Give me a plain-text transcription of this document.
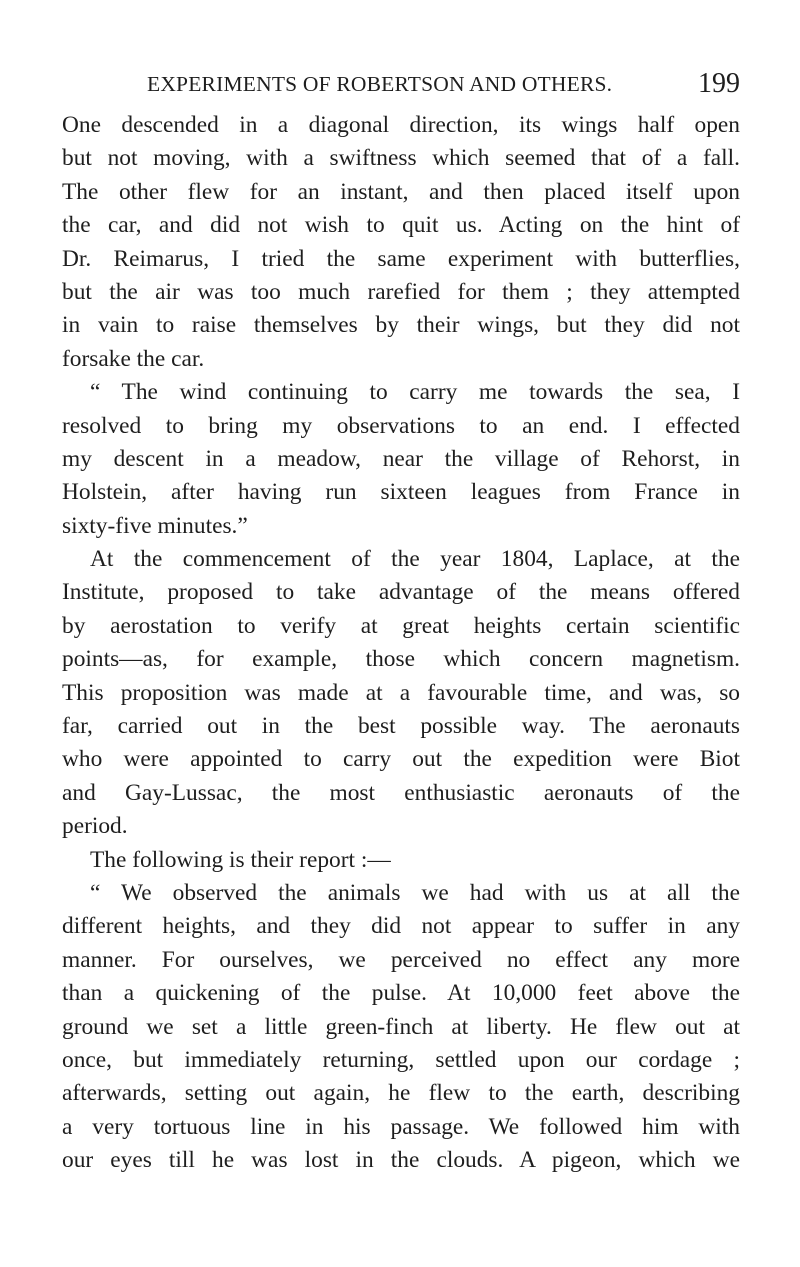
EXPERIMENTS OF ROBERTSON AND OTHERS.	199
One descended in a diagonal direction, its wings half open
but not moving, with a swiftness which seemed that of a fall.
The other flew for an instant, and then placed itself upon
the car, and did not wish to quit us. Acting on the hint of
Dr. Reimarus, I tried the same experiment with butterflies,
but the air was too much rarefied for them ; they attempted
in vain to raise themselves by their wings, but they did not
forsake the car.
“ The wind continuing to carry me towards the sea, I
resolved to bring my observations to an end. I effected
my descent in a meadow, near the village of Rehorst, in
Holstein, after having run sixteen leagues from France in
sixty-five minutes.”
At the commencement of the year 1804, Laplace, at the
Institute, proposed to take advantage of the means offered
by aerostation to verify at great heights certain scientific
points—as, for example, those which concern magnetism.
This proposition was made at a favourable time, and was, so
far, carried out in the best possible way. The aeronauts
who were appointed to carry out the expedition were Biot
and Gay-Lussac, the most enthusiastic aeronauts of the
period.
The following is their report :—
“ We observed the animals we had with us at all the
different heights, and they did not appear to suffer in any
manner. For ourselves, we perceived no effect any more
than a quickening of the pulse. At 10,000 feet above the
ground we set a little green-finch at liberty. He flew out at
once, but immediately returning, settled upon our cordage ;
afterwards, setting out again, he flew to the earth, describing
a very tortuous line in his passage. We followed him with
our eyes till he was lost in the clouds. A pigeon, which we
